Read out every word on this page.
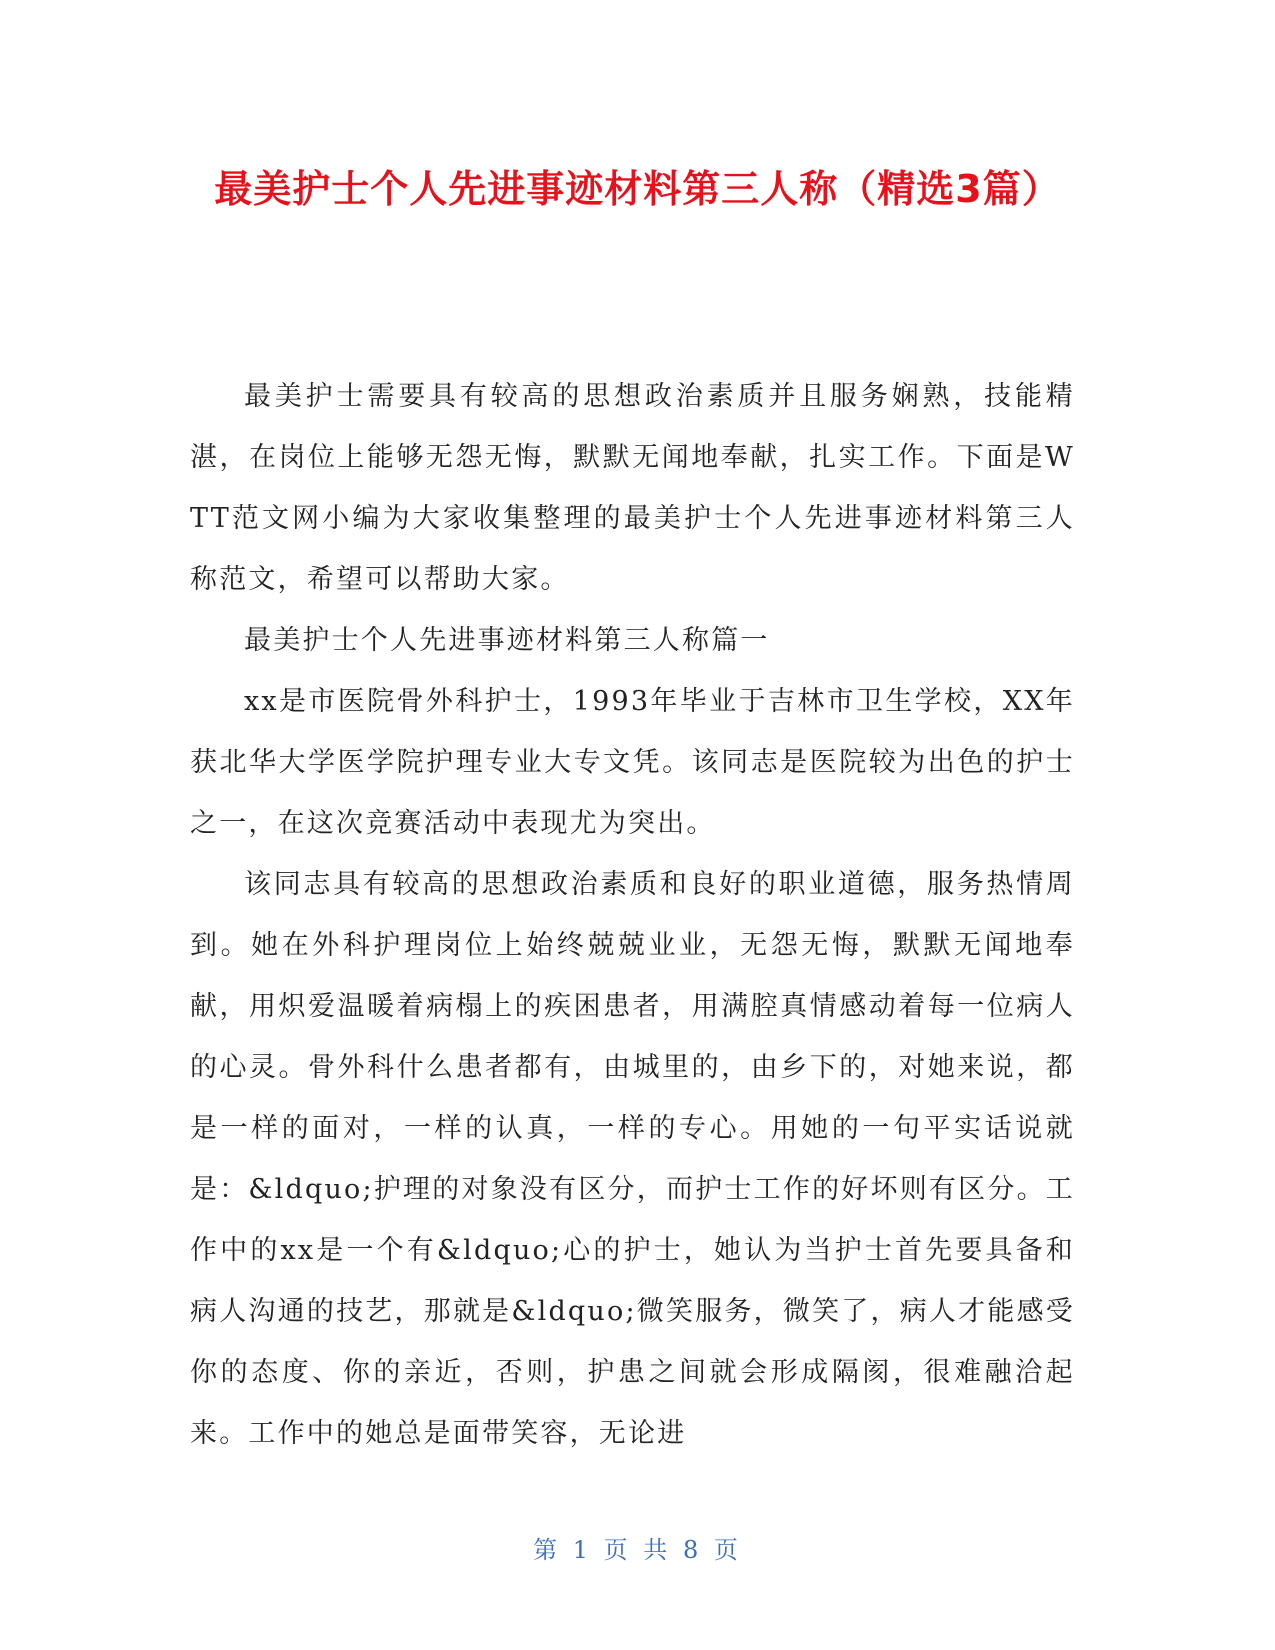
最美护士个人先进事迹材料第三人称（精选3篇）

最美护士需要具有较高的思想政治素质并且服务娴熟，技能精湛，在岗位上能够无怨无悔，默默无闻地奉献，扎实工作。下面是WTT范文网小编为大家收集整理的最美护士个人先进事迹材料第三人称范文，希望可以帮助大家。

最美护士个人先进事迹材料第三人称篇一

xx是市医院骨外科护士，1993年毕业于吉林市卫生学校，XX年获北华大学医学院护理专业大专文凭。该同志是医院较为出色的护士之一，在这次竞赛活动中表现尤为突出。

该同志具有较高的思想政治素质和良好的职业道德，服务热情周到。她在外科护理岗位上始终兢兢业业，无怨无悔，默默无闻地奉献，用炽爱温暖着病榻上的疾困患者，用满腔真情感动着每一位病人的心灵。骨外科什么患者都有，由城里的，由乡下的，对她来说，都是一样的面对，一样的认真，一样的专心。用她的一句平实话说就是：&ldquo;护理的对象没有区分，而护士工作的好坏则有区分。工作中的xx是一个有&ldquo;心的护士，她认为当护士首先要具备和病人沟通的技艺，那就是&ldquo;微笑服务，微笑了，病人才能感受你的态度、你的亲近，否则，护患之间就会形成隔阂，很难融洽起来。工作中的她总是面带笑容，无论进

第 1 页 共 8 页
